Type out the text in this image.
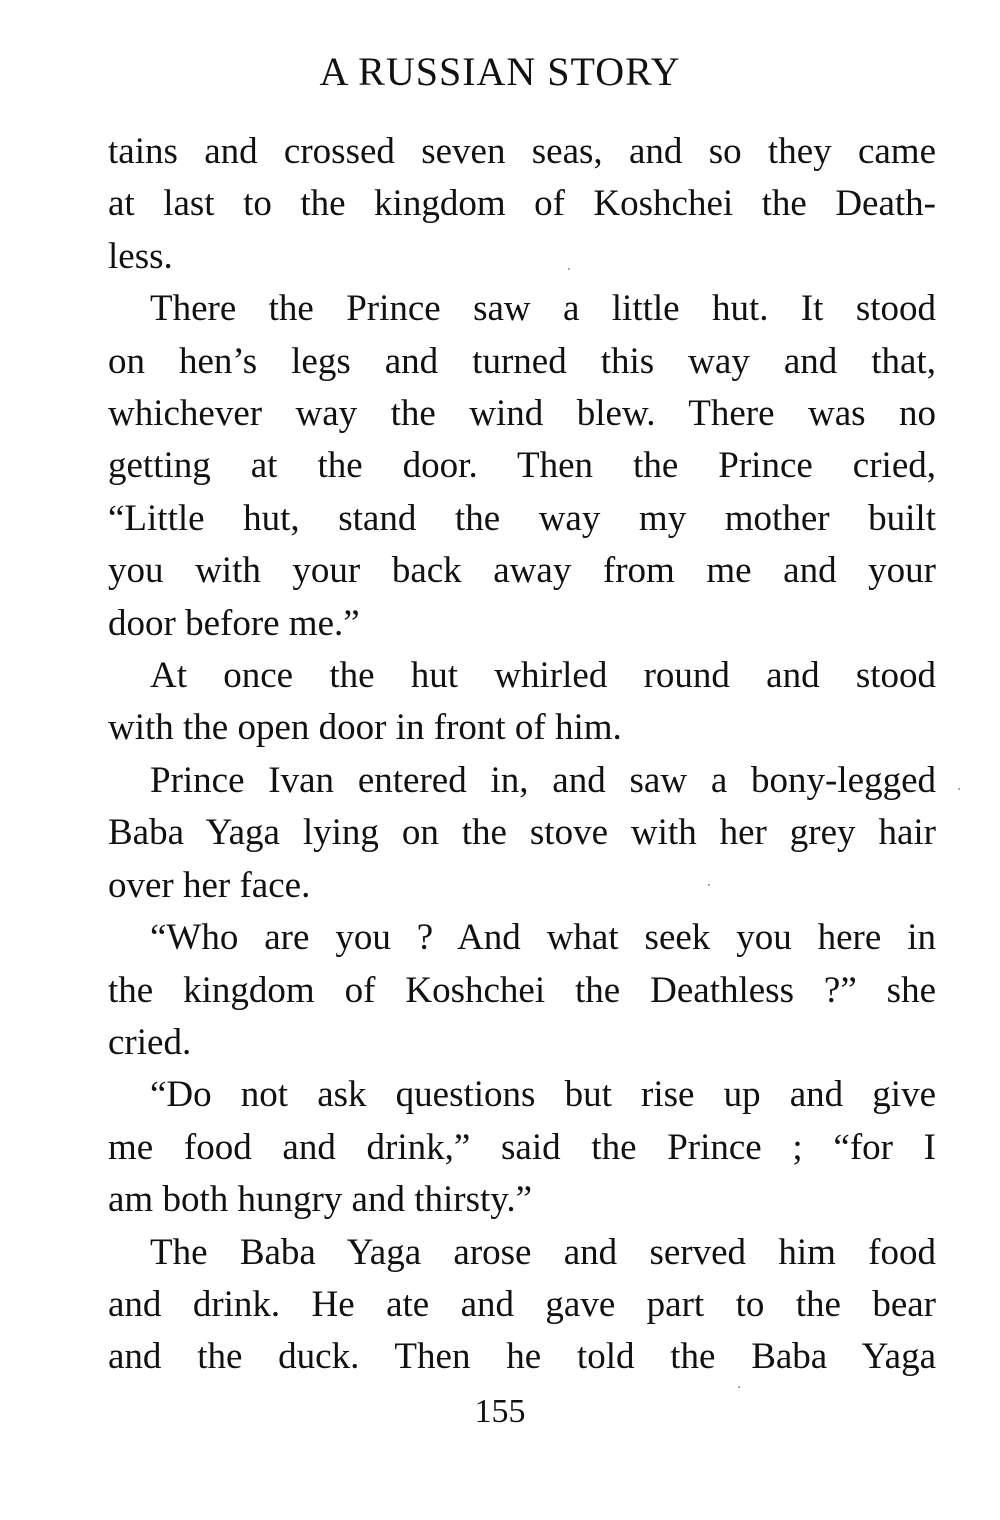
A RUSSIAN STORY
tains and crossed seven seas, and so they came
at last to the kingdom of Koshchei the Death-
less.
There the Prince saw a little hut. It stood
on hen’s legs and turned this way and that,
whichever way the wind blew. There was no
getting at the door. Then the Prince cried,
“Little hut, stand the way my mother built
you with your back away from me and your
door before me.”
At once the hut whirled round and stood
with the open door in front of him.
Prince Ivan entered in, and saw a bony-legged
Baba Yaga lying on the stove with her grey hair
over her face.
“Who are you ? And what seek you here in
the kingdom of Koshchei the Deathless ?” she
cried.
“Do not ask questions but rise up and give
me food and drink,” said the Prince ; “for I
am both hungry and thirsty.”
The Baba Yaga arose and served him food
and drink. He ate and gave part to the bear
and the duck. Then he told the Baba Yaga
155
